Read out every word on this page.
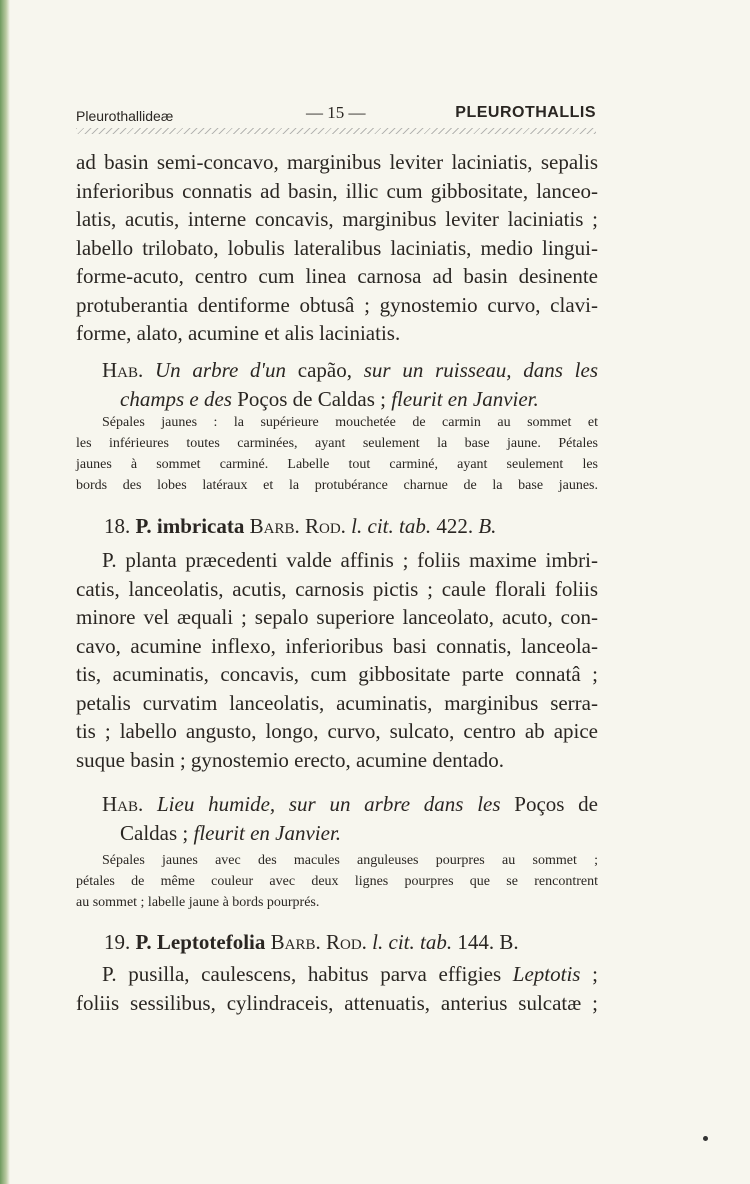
Pleurothallideæ	— 15 —	PLEUROTHALLIS
ad basin semi-concavo, marginibus leviter laciniatis, sepalis
inferioribus connatis ad basin, illic cum gibbositate, lanceo-
latis, acutis, interne concavis, marginibus leviter laciniatis ;
labello trilobato, lobulis lateralibus laciniatis, medio lingui-
forme-acuto, centro cum linea carnosa ad basin desinente
protuberantia dentiforme obtusâ ; gynostemio curvo, clavi-
forme, alato, acumine et alis laciniatis.
Hab. Un arbre d'un capão, sur un ruisseau, dans les
champs e des Poços de Caldas ; fleurit en Janvier.
Sépales jaunes : la supérieure mouchetée de carmin au sommet et
les inférieures toutes carminées, ayant seulement la base jaune. Pétales
jaunes à sommet carminé. Labelle tout carminé, ayant seulement les
bords des lobes latéraux et la protubérance charnue de la base jaunes.
18. P. imbricata Barb. Rod. l. cit. tab. 422. B.
P. planta præcedenti valde affinis ; foliis maxime imbri-
catis, lanceolatis, acutis, carnosis pictis ; caule florali foliis
minore vel æquali ; sepalo superiore lanceolato, acuto, con-
cavo, acumine inflexo, inferioribus basi connatis, lanceola-
tis, acuminatis, concavis, cum gibbositate parte connatâ ;
petalis curvatim lanceolatis, acuminatis, marginibus serra-
tis ; labello angusto, longo, curvo, sulcato, centro ab apice
suque basin ; gynostemio erecto, acumine dentado.
Hab. Lieu humide, sur un arbre dans les Poços de
Caldas ; fleurit en Janvier.
Sépales jaunes avec des macules anguleuses pourpres au sommet ;
pétales de même couleur avec deux lignes pourpres que se rencontrent
au sommet ; labelle jaune à bords pourprés.
19. P. Leptotefolia Barb. Rod. l. cit. tab. 144. B.
P. pusilla, caulescens, habitus parva effigies Leptotis ;
foliis sessilibus, cylindraceis, attenuatis, anterius sulcatæ ;
